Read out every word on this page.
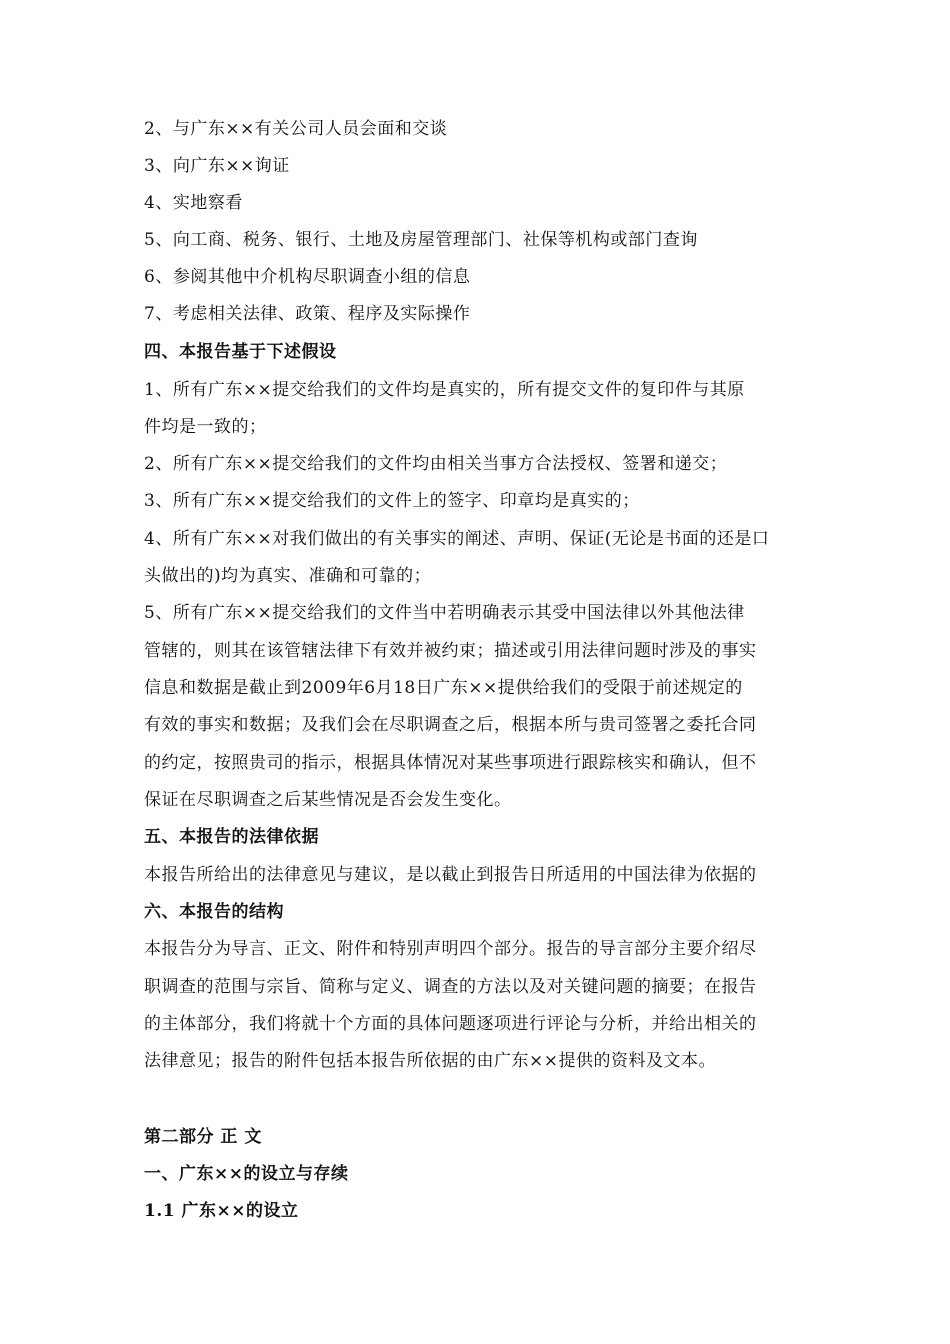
2、与广东××有关公司人员会面和交谈
3、向广东××询证
4、实地察看
5、向工商、税务、银行、土地及房屋管理部门、社保等机构或部门查询
6、参阅其他中介机构尽职调查小组的信息
7、考虑相关法律、政策、程序及实际操作
四、本报告基于下述假设
1、所有广东××提交给我们的文件均是真实的，所有提交文件的复印件与其原
件均是一致的；
2、所有广东××提交给我们的文件均由相关当事方合法授权、签署和递交；
3、所有广东××提交给我们的文件上的签字、印章均是真实的；
4、所有广东××对我们做出的有关事实的阐述、声明、保证(无论是书面的还是口
头做出的)均为真实、准确和可靠的；
5、所有广东××提交给我们的文件当中若明确表示其受中国法律以外其他法律
管辖的，则其在该管辖法律下有效并被约束；描述或引用法律问题时涉及的事实
信息和数据是截止到2009年6月18日广东××提供给我们的受限于前述规定的
有效的事实和数据；及我们会在尽职调查之后，根据本所与贵司签署之委托合同
的约定，按照贵司的指示，根据具体情况对某些事项进行跟踪核实和确认，但不
保证在尽职调查之后某些情况是否会发生变化。
五、本报告的法律依据
本报告所给出的法律意见与建议，是以截止到报告日所适用的中国法律为依据的
六、本报告的结构
本报告分为导言、正文、附件和特别声明四个部分。报告的导言部分主要介绍尽
职调查的范围与宗旨、简称与定义、调查的方法以及对关键问题的摘要；在报告
的主体部分，我们将就十个方面的具体问题逐项进行评论与分析，并给出相关的
法律意见；报告的附件包括本报告所依据的由广东××提供的资料及文本。
第二部分 正 文
一、广东××的设立与存续
1.1 广东××的设立
